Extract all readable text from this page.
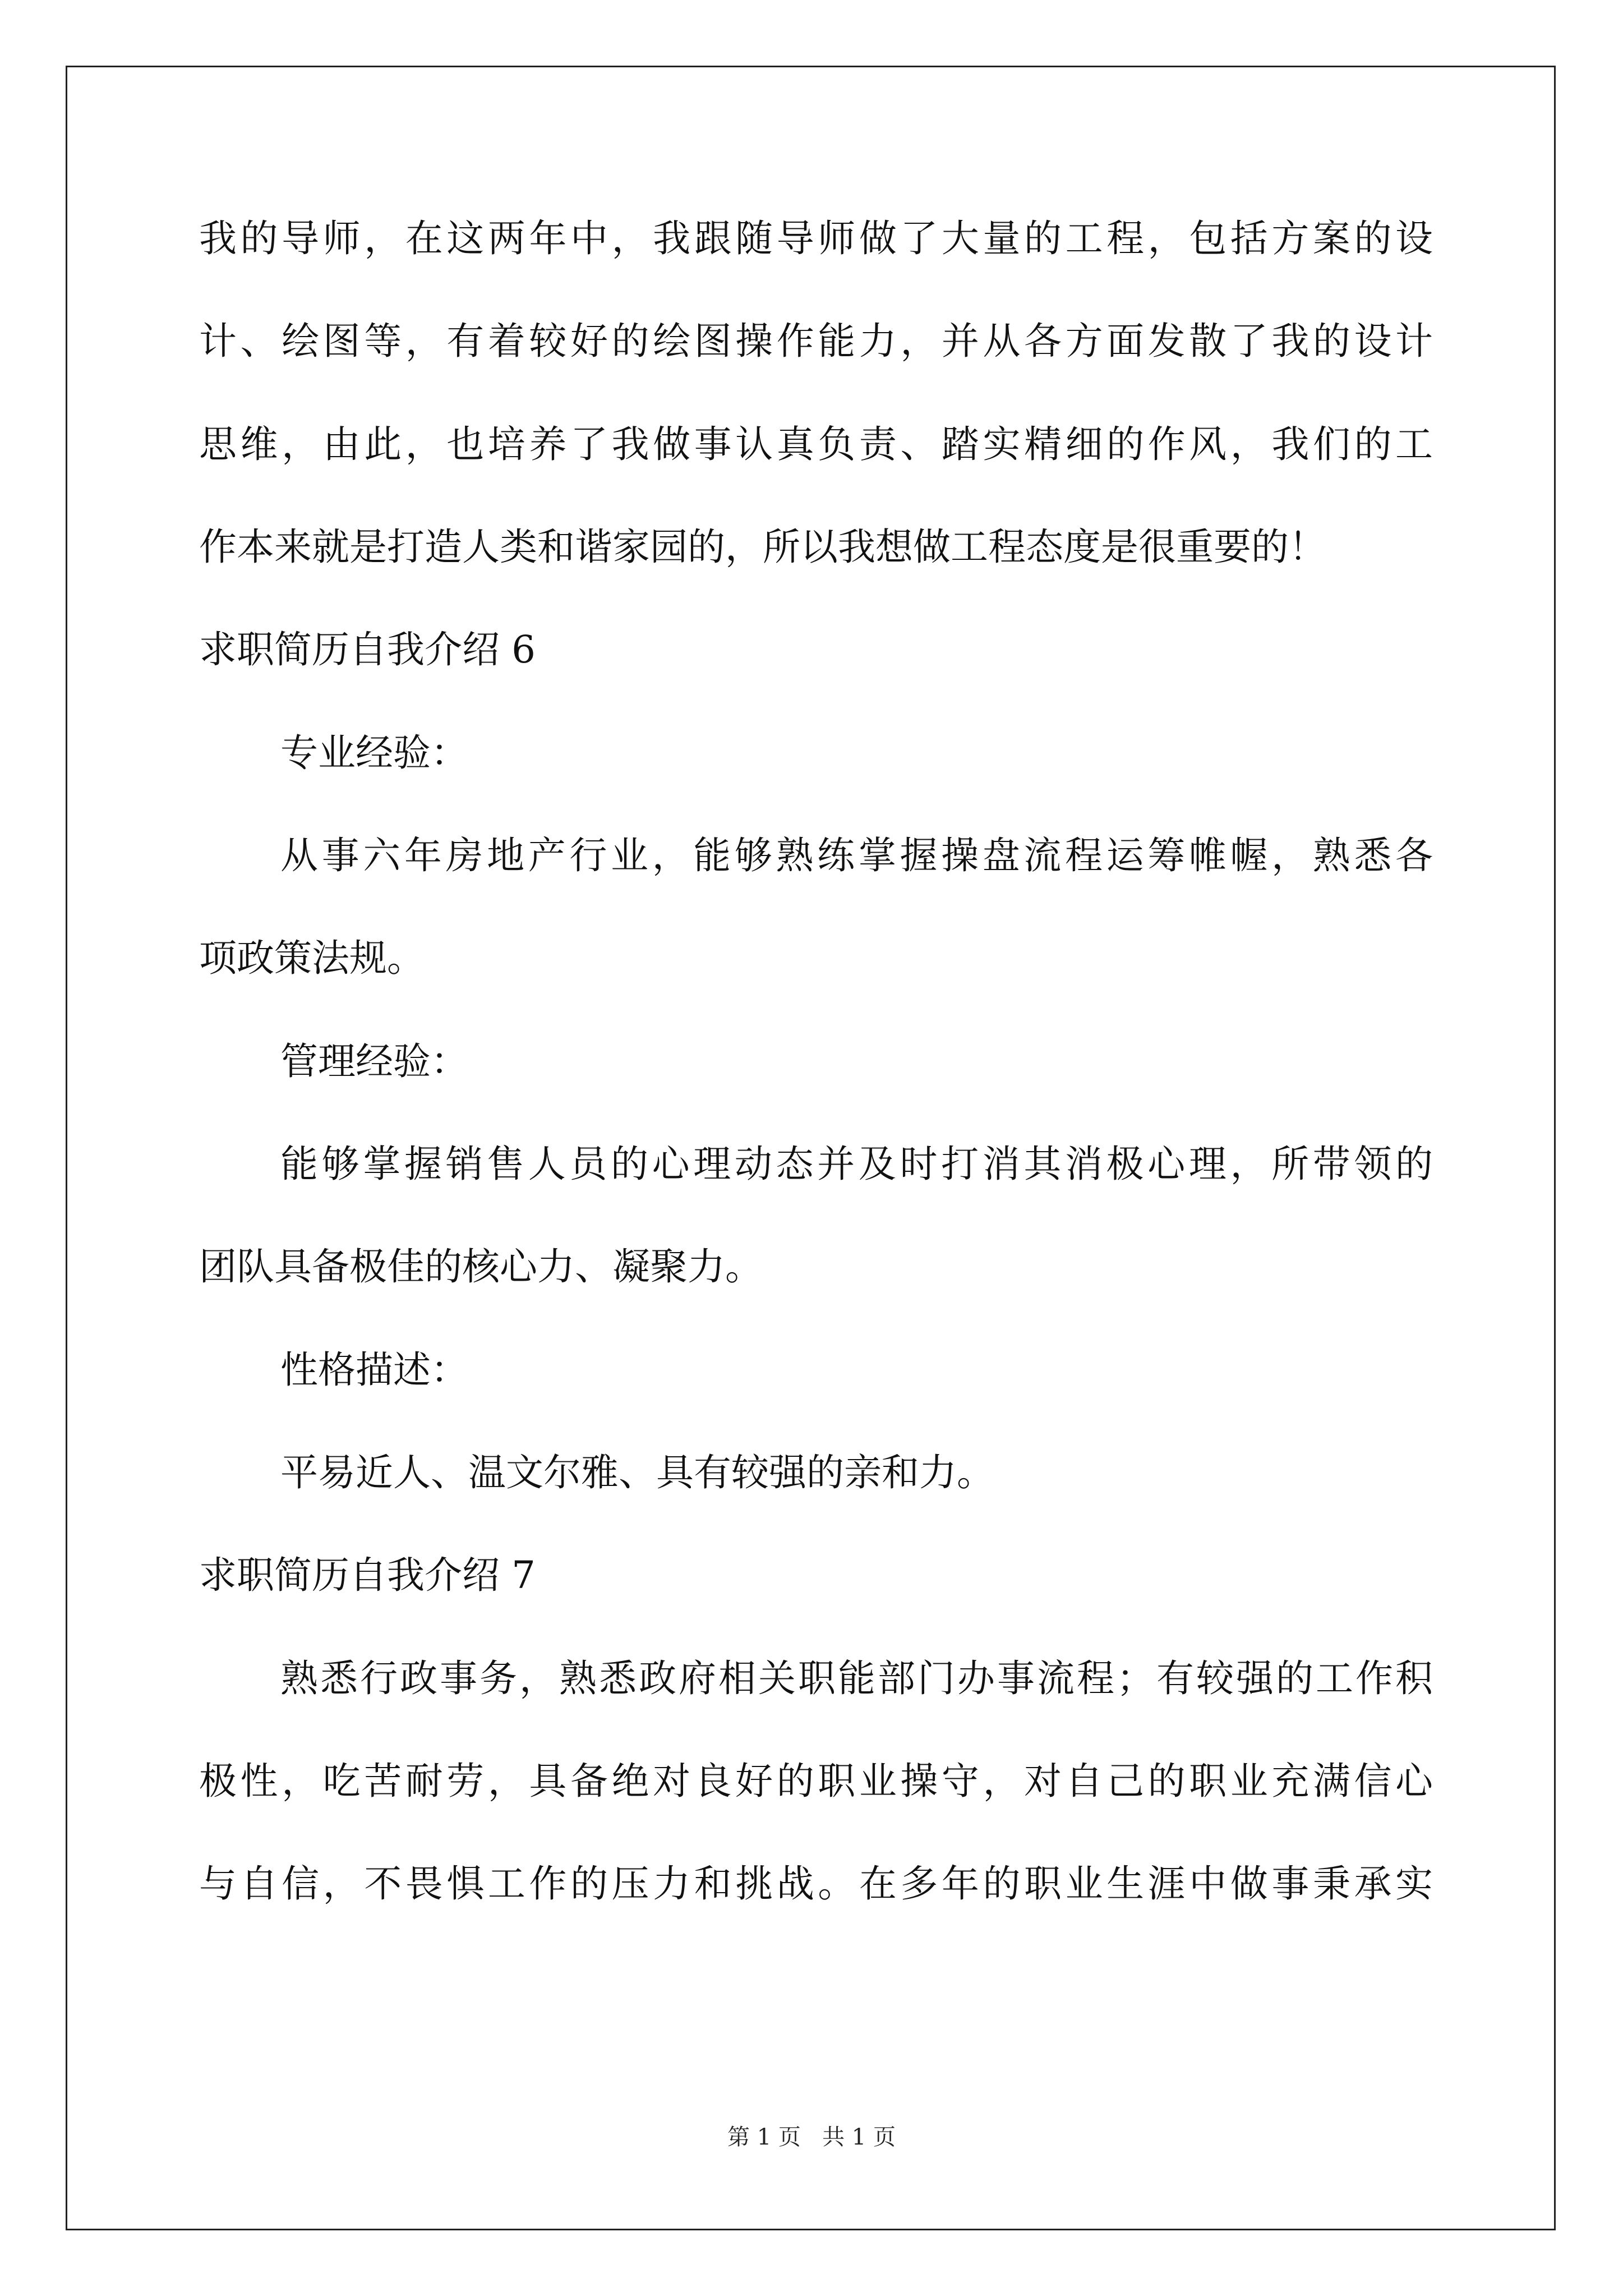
我的导师，在这两年中，我跟随导师做了大量的工程，包括方案的设
计、绘图等，有着较好的绘图操作能力，并从各方面发散了我的设计
思维，由此，也培养了我做事认真负责、踏实精细的作风，我们的工
作本来就是打造人类和谐家园的，所以我想做工程态度是很重要的！
求职简历自我介绍 6
专业经验：
从事六年房地产行业，能够熟练掌握操盘流程运筹帷幄，熟悉各
项政策法规。
管理经验：
能够掌握销售人员的心理动态并及时打消其消极心理，所带领的
团队具备极佳的核心力、凝聚力。
性格描述：
平易近人、温文尔雅、具有较强的亲和力。
求职简历自我介绍 7
熟悉行政事务，熟悉政府相关职能部门办事流程；有较强的工作积
极性，吃苦耐劳，具备绝对良好的职业操守，对自己的职业充满信心
与自信，不畏惧工作的压力和挑战。在多年的职业生涯中做事秉承实
第 1 页   共 1 页
